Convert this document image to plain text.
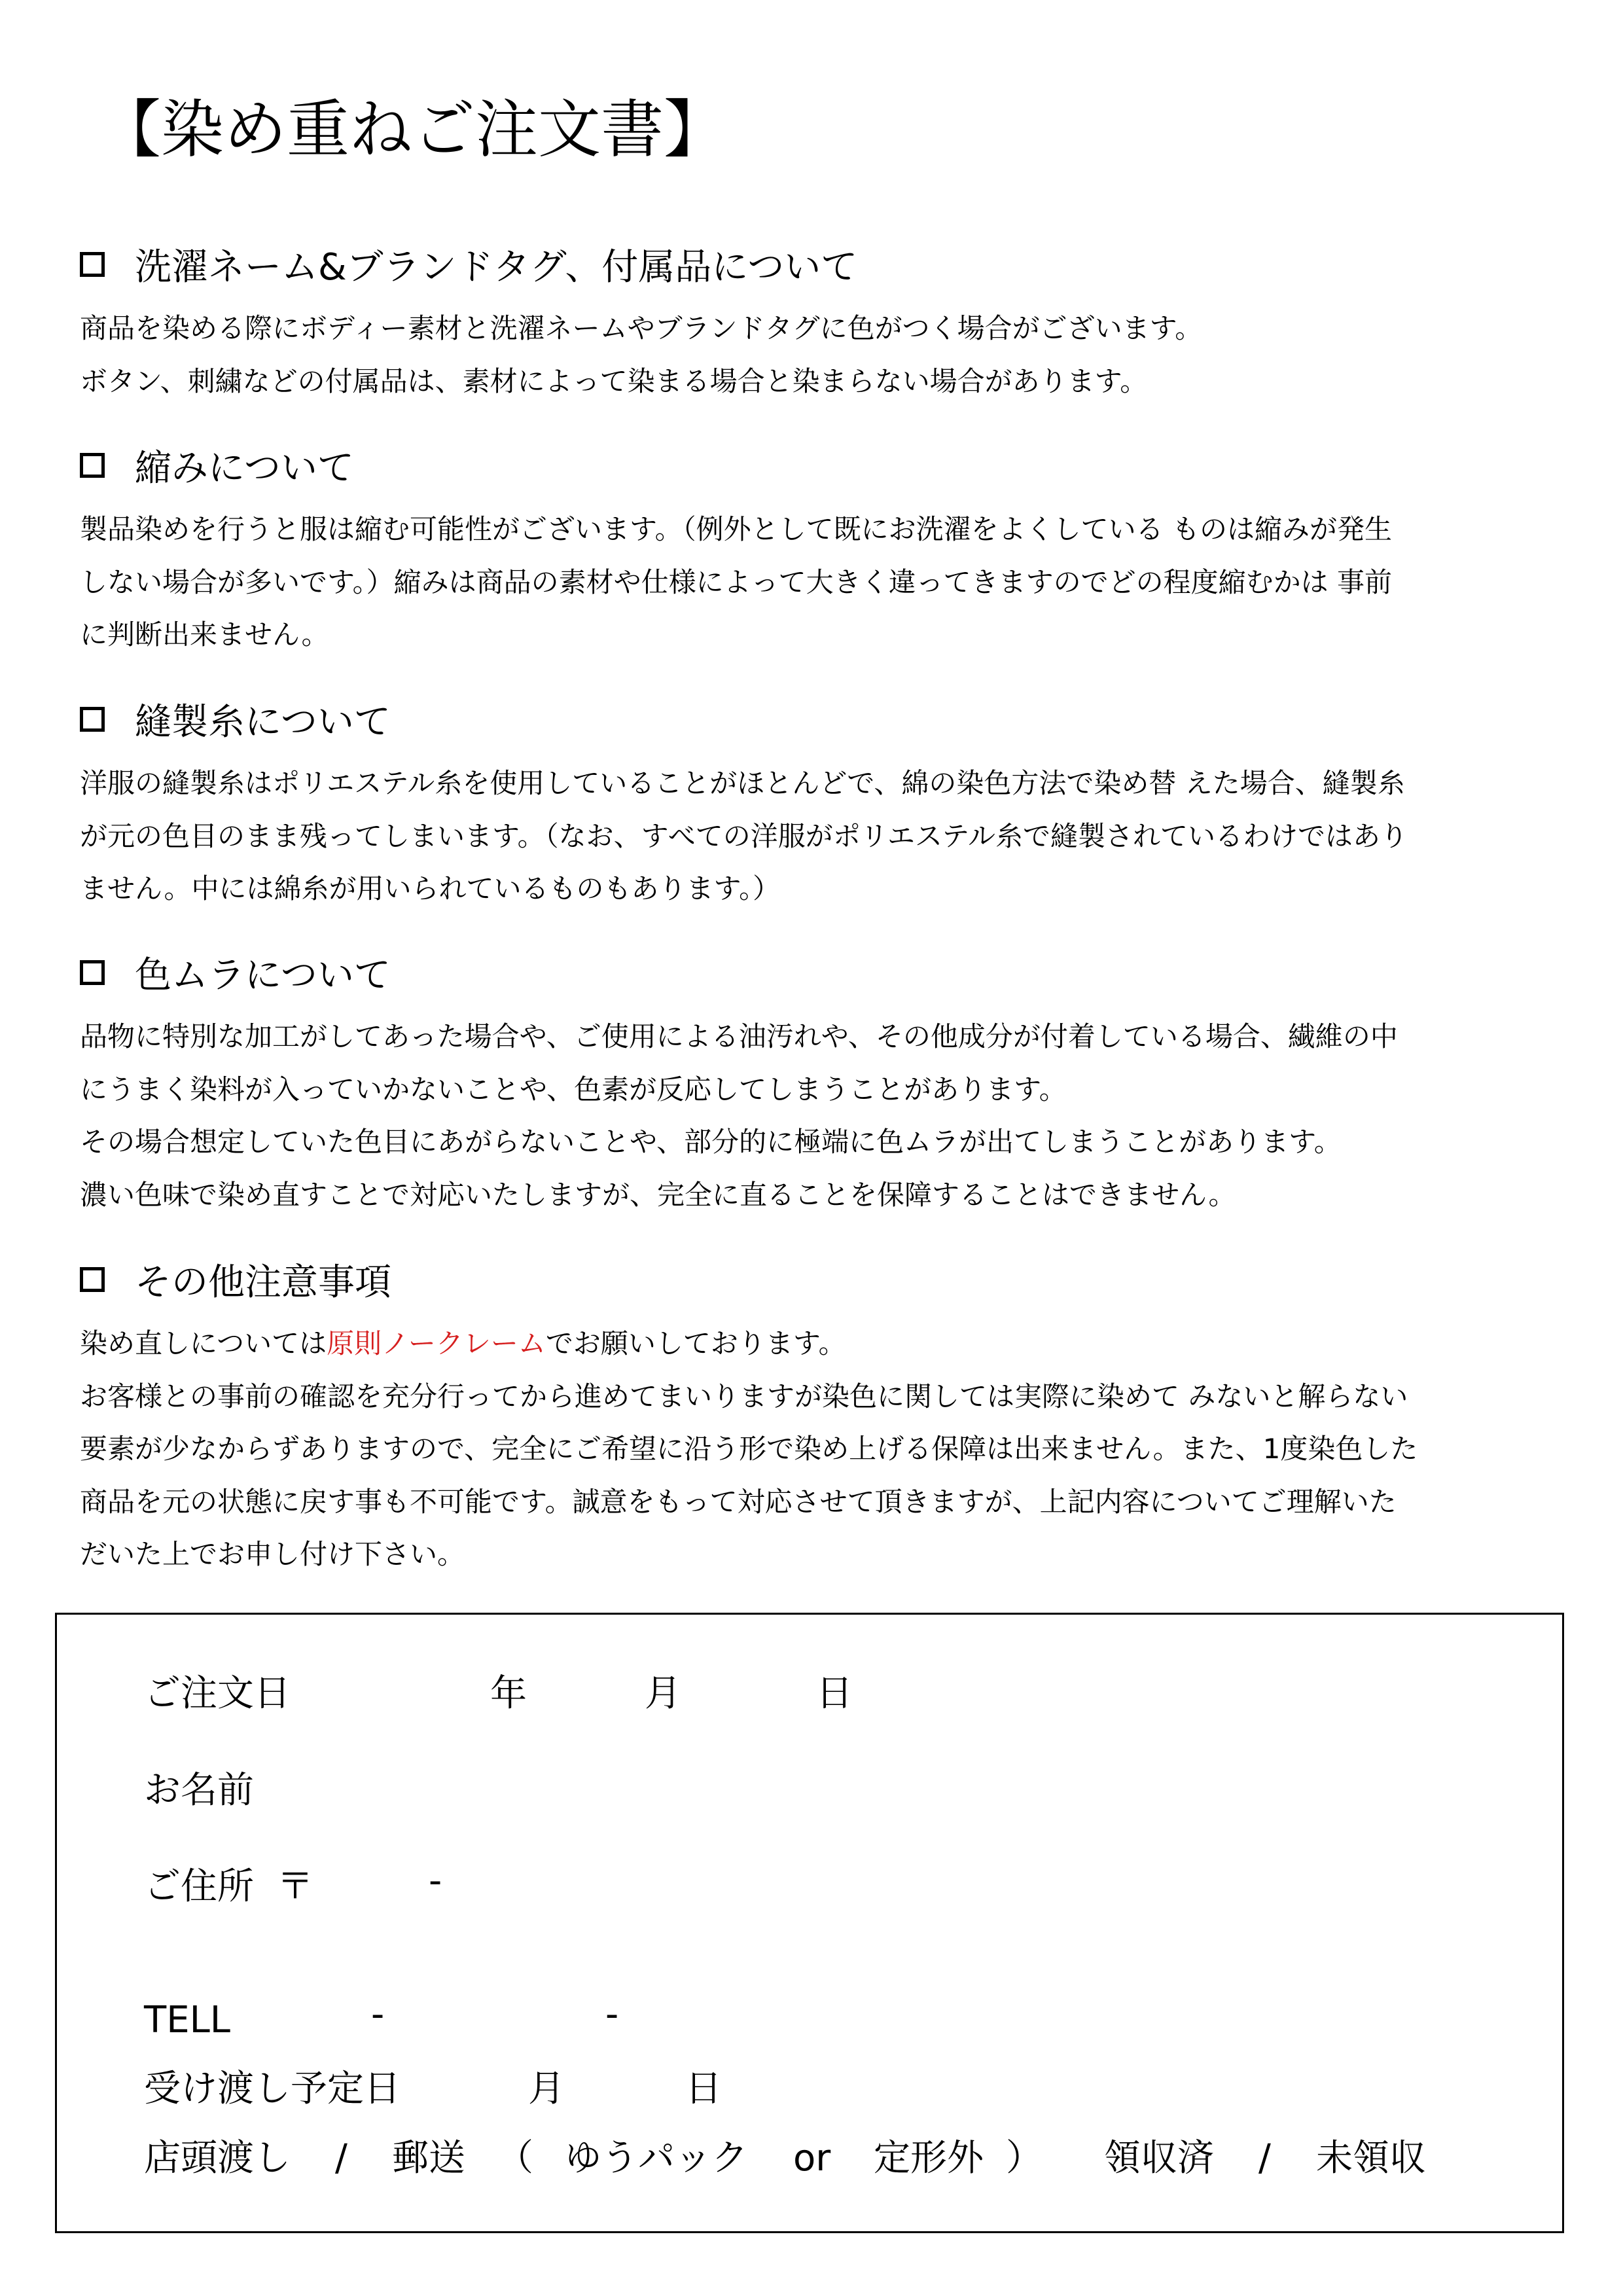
【染め重ねご注文書】
洗濯ネーム&ブランドタグ、付属品について
商品を染める際にボディー素材と洗濯ネームやブランドタグに色がつく場合がございます。
ボタン、刺繍などの付属品は、素材によって染まる場合と染まらない場合があります。
縮みについて
製品染めを行うと服は縮む可能性がございます。（例外として既にお洗濯をよくしている ものは縮みが発生
しない場合が多いです。）縮みは商品の素材や仕様によって大きく違ってきますのでどの程度縮むかは 事前
に判断出来ません。
縫製糸について
洋服の縫製糸はポリエステル糸を使用していることがほとんどで、綿の染色方法で染め替 えた場合、縫製糸
が元の色目のまま残ってしまいます。（なお、すべての洋服がポリエステル糸で縫製されているわけではあり
ません。中には綿糸が用いられているものもあります。）
色ムラについて
品物に特別な加工がしてあった場合や、ご使用による油汚れや、その他成分が付着している場合、繊維の中
にうまく染料が入っていかないことや、色素が反応してしまうことがあります。
その場合想定していた色目にあがらないことや、部分的に極端に色ムラが出てしまうことがあります。
濃い色味で染め直すことで対応いたしますが、完全に直ることを保障することはできません。
その他注意事項
染め直しについては原則ノークレームでお願いしております。
お客様との事前の確認を充分行ってから進めてまいりますが染色に関しては実際に染めて みないと解らない
要素が少なからずありますので、完全にご希望に沿う形で染め上げる保障は出来ません。また、1度染色した
商品を元の状態に戻す事も不可能です。誠意をもって対応させて頂きますが、上記内容についてご理解いた
だいた上でお申し付け下さい。
ご注文日	年	月	日
お名前
ご住所 〒	-
TELL	-	-
受け渡し予定日	月	日
店頭渡し / 郵送 （ ゆうパック or 定形外 ） 領収済 / 未領収
